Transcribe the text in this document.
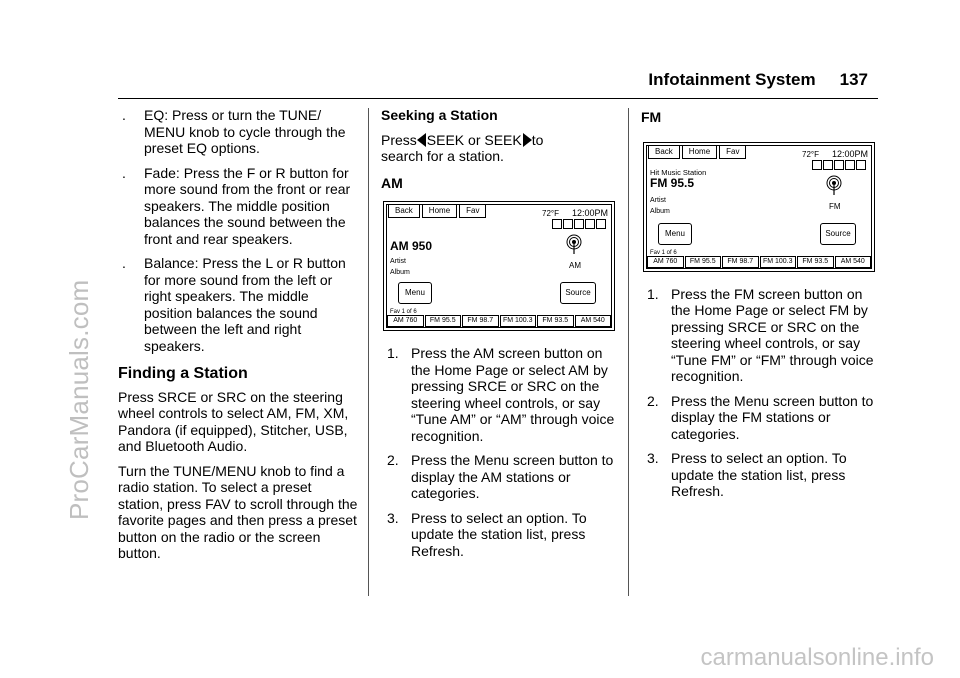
ProCarManuals.com
carmanualsonline.info
Infotainment System 137
. EQ: Press or turn the TUNE/ MENU knob to cycle through the preset EQ options.
. Fade: Press the F or R button for more sound from the front or rear speakers. The middle position balances the sound between the front and rear speakers.
. Balance: Press the L or R button for more sound from the left or right speakers. The middle position balances the sound between the left and right speakers.
Finding a Station

Press SRCE or SRC on the steering wheel controls to select AM, FM, XM, Pandora (if equipped), Stitcher, USB, and Bluetooth Audio.

Turn the TUNE/MENU knob to find a radio station. To select a preset station, press FAV to scroll through the favorite pages and then press a preset button on the radio or the screen button.

Seeking a Station
Press SEEK or SEEK to
search for a station.
AM
Back	Home	Fav	72°F 12:00PM
AM 950
Artist
Album
AM
Menu	Source
Fav 1 of 6
AM 760	FM 95.5	FM 98.7	FM 100.3	FM 93.5	AM 540
1. Press the AM screen button on the Home Page or select AM by pressing SRCE or SRC on the steering wheel controls, or say “Tune AM” or “AM” through voice recognition.
2. Press the Menu screen button to display the AM stations or categories.
3. Press to select an option. To update the station list, press Refresh.
FM
Back	Home	Fav	72°F 12:00PM
Hit Music Station
FM 95.5
Artist
Album
FM
Menu	Source
Fav 1 of 6
AM 760	FM 95.5	FM 98.7	FM 100.3	FM 93.5	AM 540
1. Press the FM screen button on the Home Page or select FM by pressing SRCE or SRC on the steering wheel controls, or say “Tune FM” or “FM” through voice recognition.
2. Press the Menu screen button to display the FM stations or categories.
3. Press to select an option. To update the station list, press Refresh.
